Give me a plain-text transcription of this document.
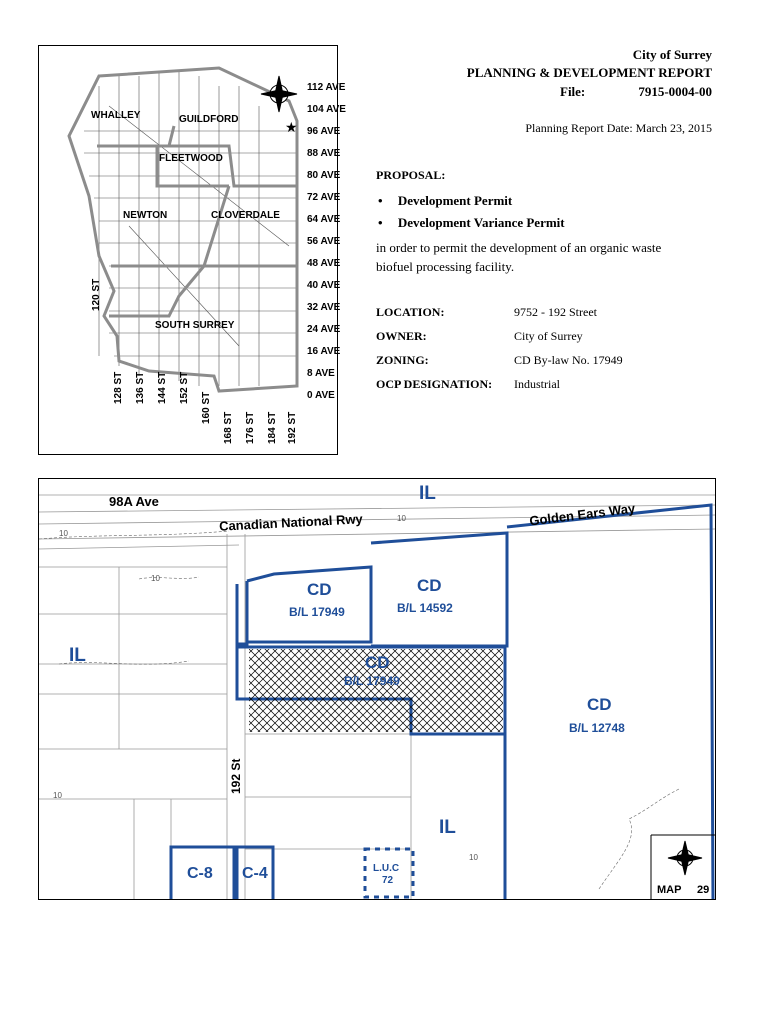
★
WHALLEY	GUILDFORD
FLEETWOOD
NEWTON	CLOVERDALE
SOUTH SURREY
112 AVE
104 AVE
96 AVE
88 AVE
80 AVE
72 AVE
64 AVE
56 AVE
48 AVE
40 AVE
32 AVE
24 AVE
16 AVE
8 AVE
0 AVE
120 ST
128 ST 136 ST 144 ST 152 ST
160 ST
168 ST 176 ST 184 ST 192 ST
City of Surrey
PLANNING & DEVELOPMENT REPORT
File:	7915-0004-00
Planning Report Date: March 23, 2015
PROPOSAL:
• Development Permit
• Development Variance Permit
in order to permit the development of an organic waste
biofuel processing facility.
LOCATION:	9752 - 192 Street
OWNER:	City of Surrey
ZONING:	CD By-law No. 17949
OCP DESIGNATION: Industrial
98A Ave
Canadian National Rwy	Golden Ears Way
192 St
IL
IL
IL
CD
B/L 17949
CD
B/L 14592
CD
B/L 17949
CD
B/L 12748
C-8 C-4	L.U.C
72
10
10
10
10
10
MAP 29
